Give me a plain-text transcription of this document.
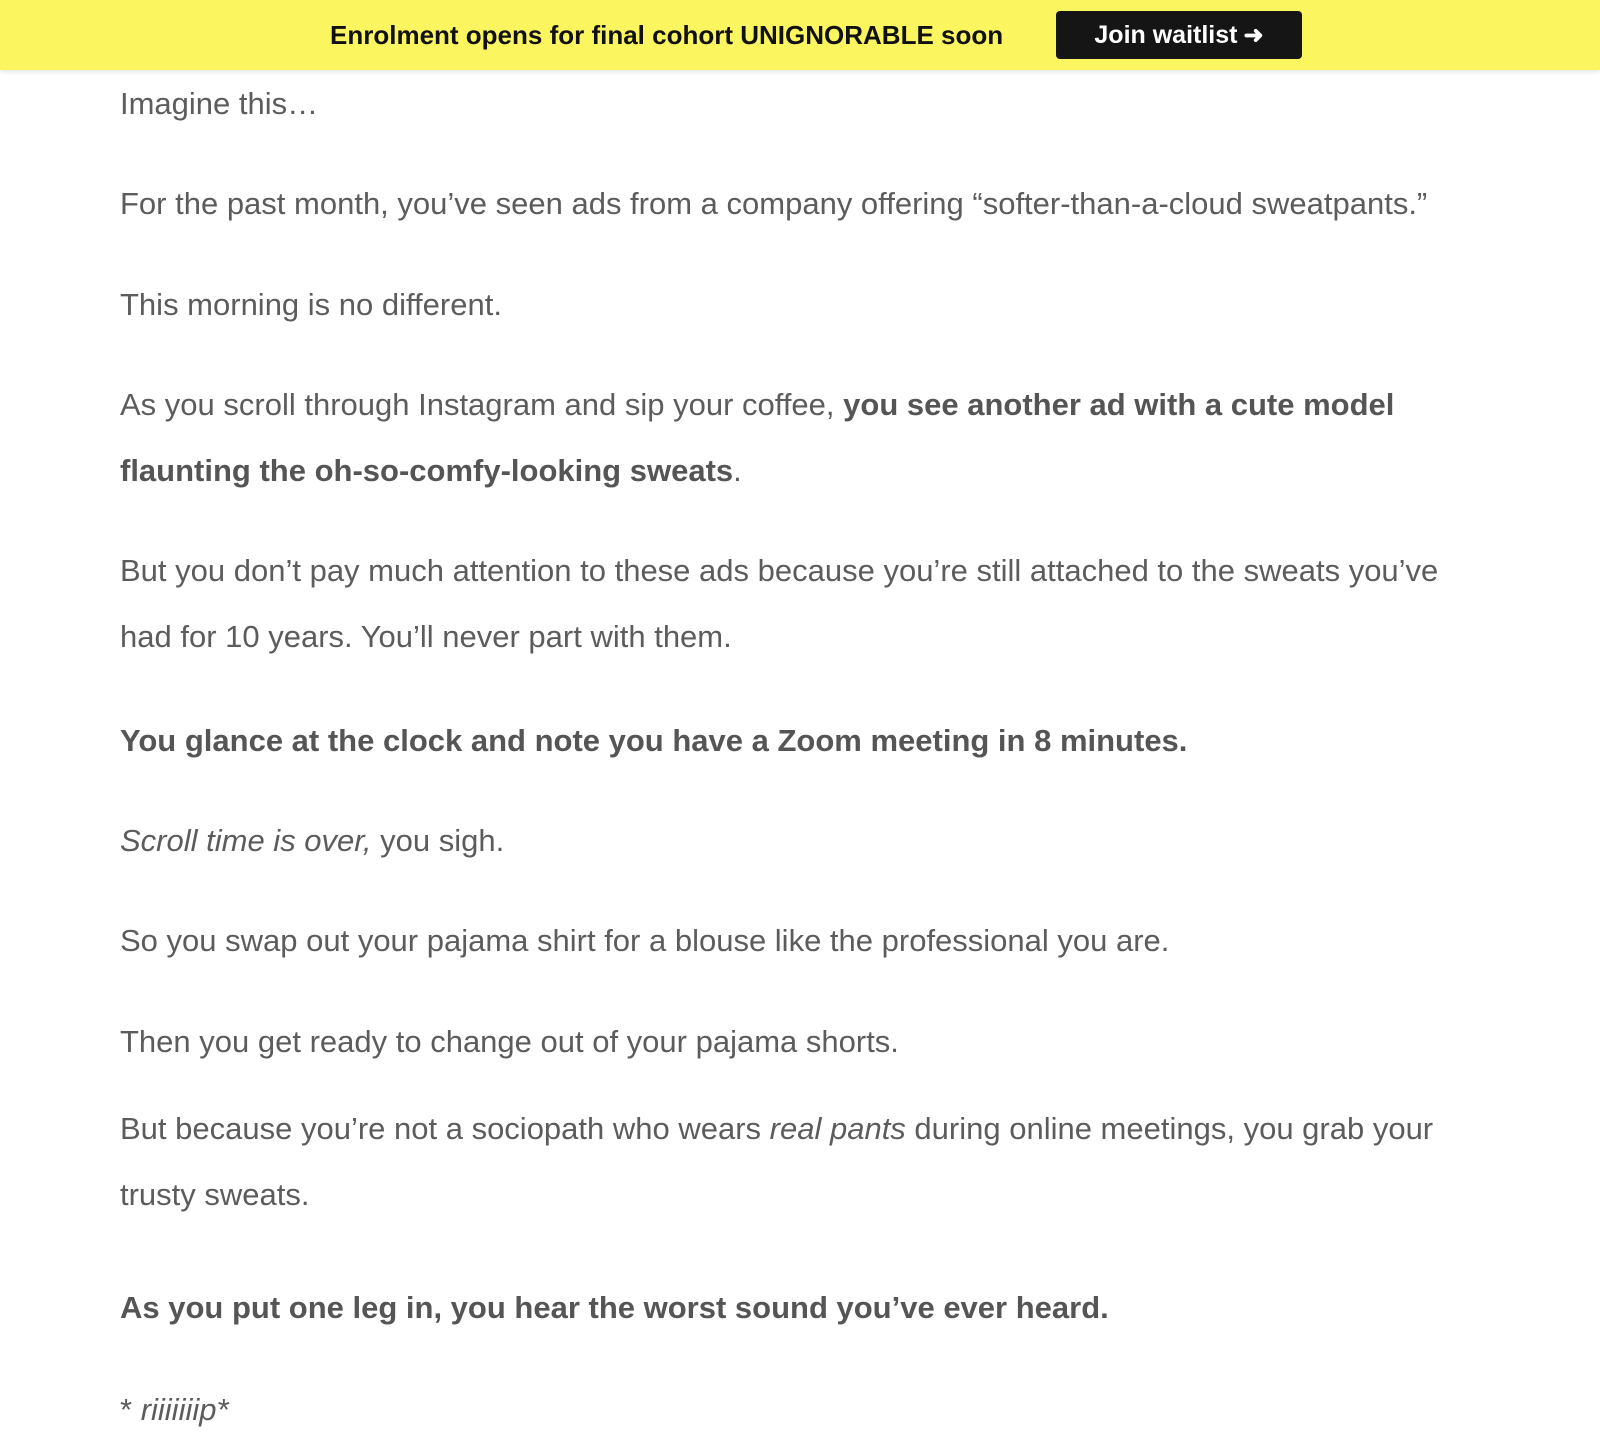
Enrolment opens for final cohort UNIGNORABLE soon	Join waitlist ➜

Imagine this…

For the past month, you’ve seen ads from a company offering “softer-than-a-cloud sweatpants.”

This morning is no different.

As you scroll through Instagram and sip your coffee, you see another ad with a cute model
flaunting the oh-so-comfy-looking sweats.

But you don’t pay much attention to these ads because you’re still attached to the sweats you’ve
had for 10 years. You’ll never part with them.

You glance at the clock and note you have a Zoom meeting in 8 minutes.

Scroll time is over, you sigh.

So you swap out your pajama shirt for a blouse like the professional you are.

Then you get ready to change out of your pajama shorts.

But because you’re not a sociopath who wears real pants during online meetings, you grab your
trusty sweats.

As you put one leg in, you hear the worst sound you’ve ever heard.

* riiiiiiip*
